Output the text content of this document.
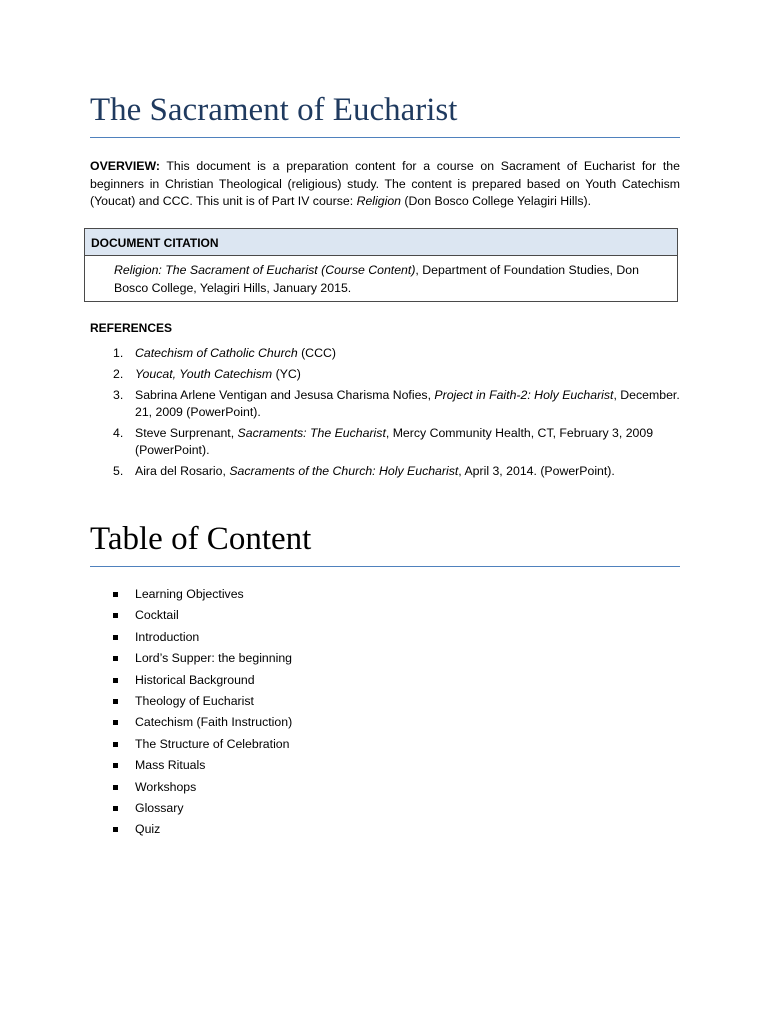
The Sacrament of Eucharist
OVERVIEW: This document is a preparation content for a course on Sacrament of Eucharist for the beginners in Christian Theological (religious) study. The content is prepared based on Youth Catechism (Youcat) and CCC. This unit is of Part IV course: Religion (Don Bosco College Yelagiri Hills).
DOCUMENT CITATION
Religion: The Sacrament of Eucharist (Course Content), Department of Foundation Studies, Don Bosco College, Yelagiri Hills, January 2015.
REFERENCES
1. Catechism of Catholic Church (CCC)
2. Youcat, Youth Catechism (YC)
3. Sabrina Arlene Ventigan and Jesusa Charisma Nofies, Project in Faith-2: Holy Eucharist, December. 21, 2009 (PowerPoint).
4. Steve Surprenant, Sacraments: The Eucharist, Mercy Community Health, CT, February 3, 2009 (PowerPoint).
5. Aira del Rosario, Sacraments of the Church: Holy Eucharist, April 3, 2014. (PowerPoint).
Table of Content
Learning Objectives
Cocktail
Introduction
Lord’s Supper: the beginning
Historical Background
Theology of Eucharist
Catechism (Faith Instruction)
The Structure of Celebration
Mass Rituals
Workshops
Glossary
Quiz
